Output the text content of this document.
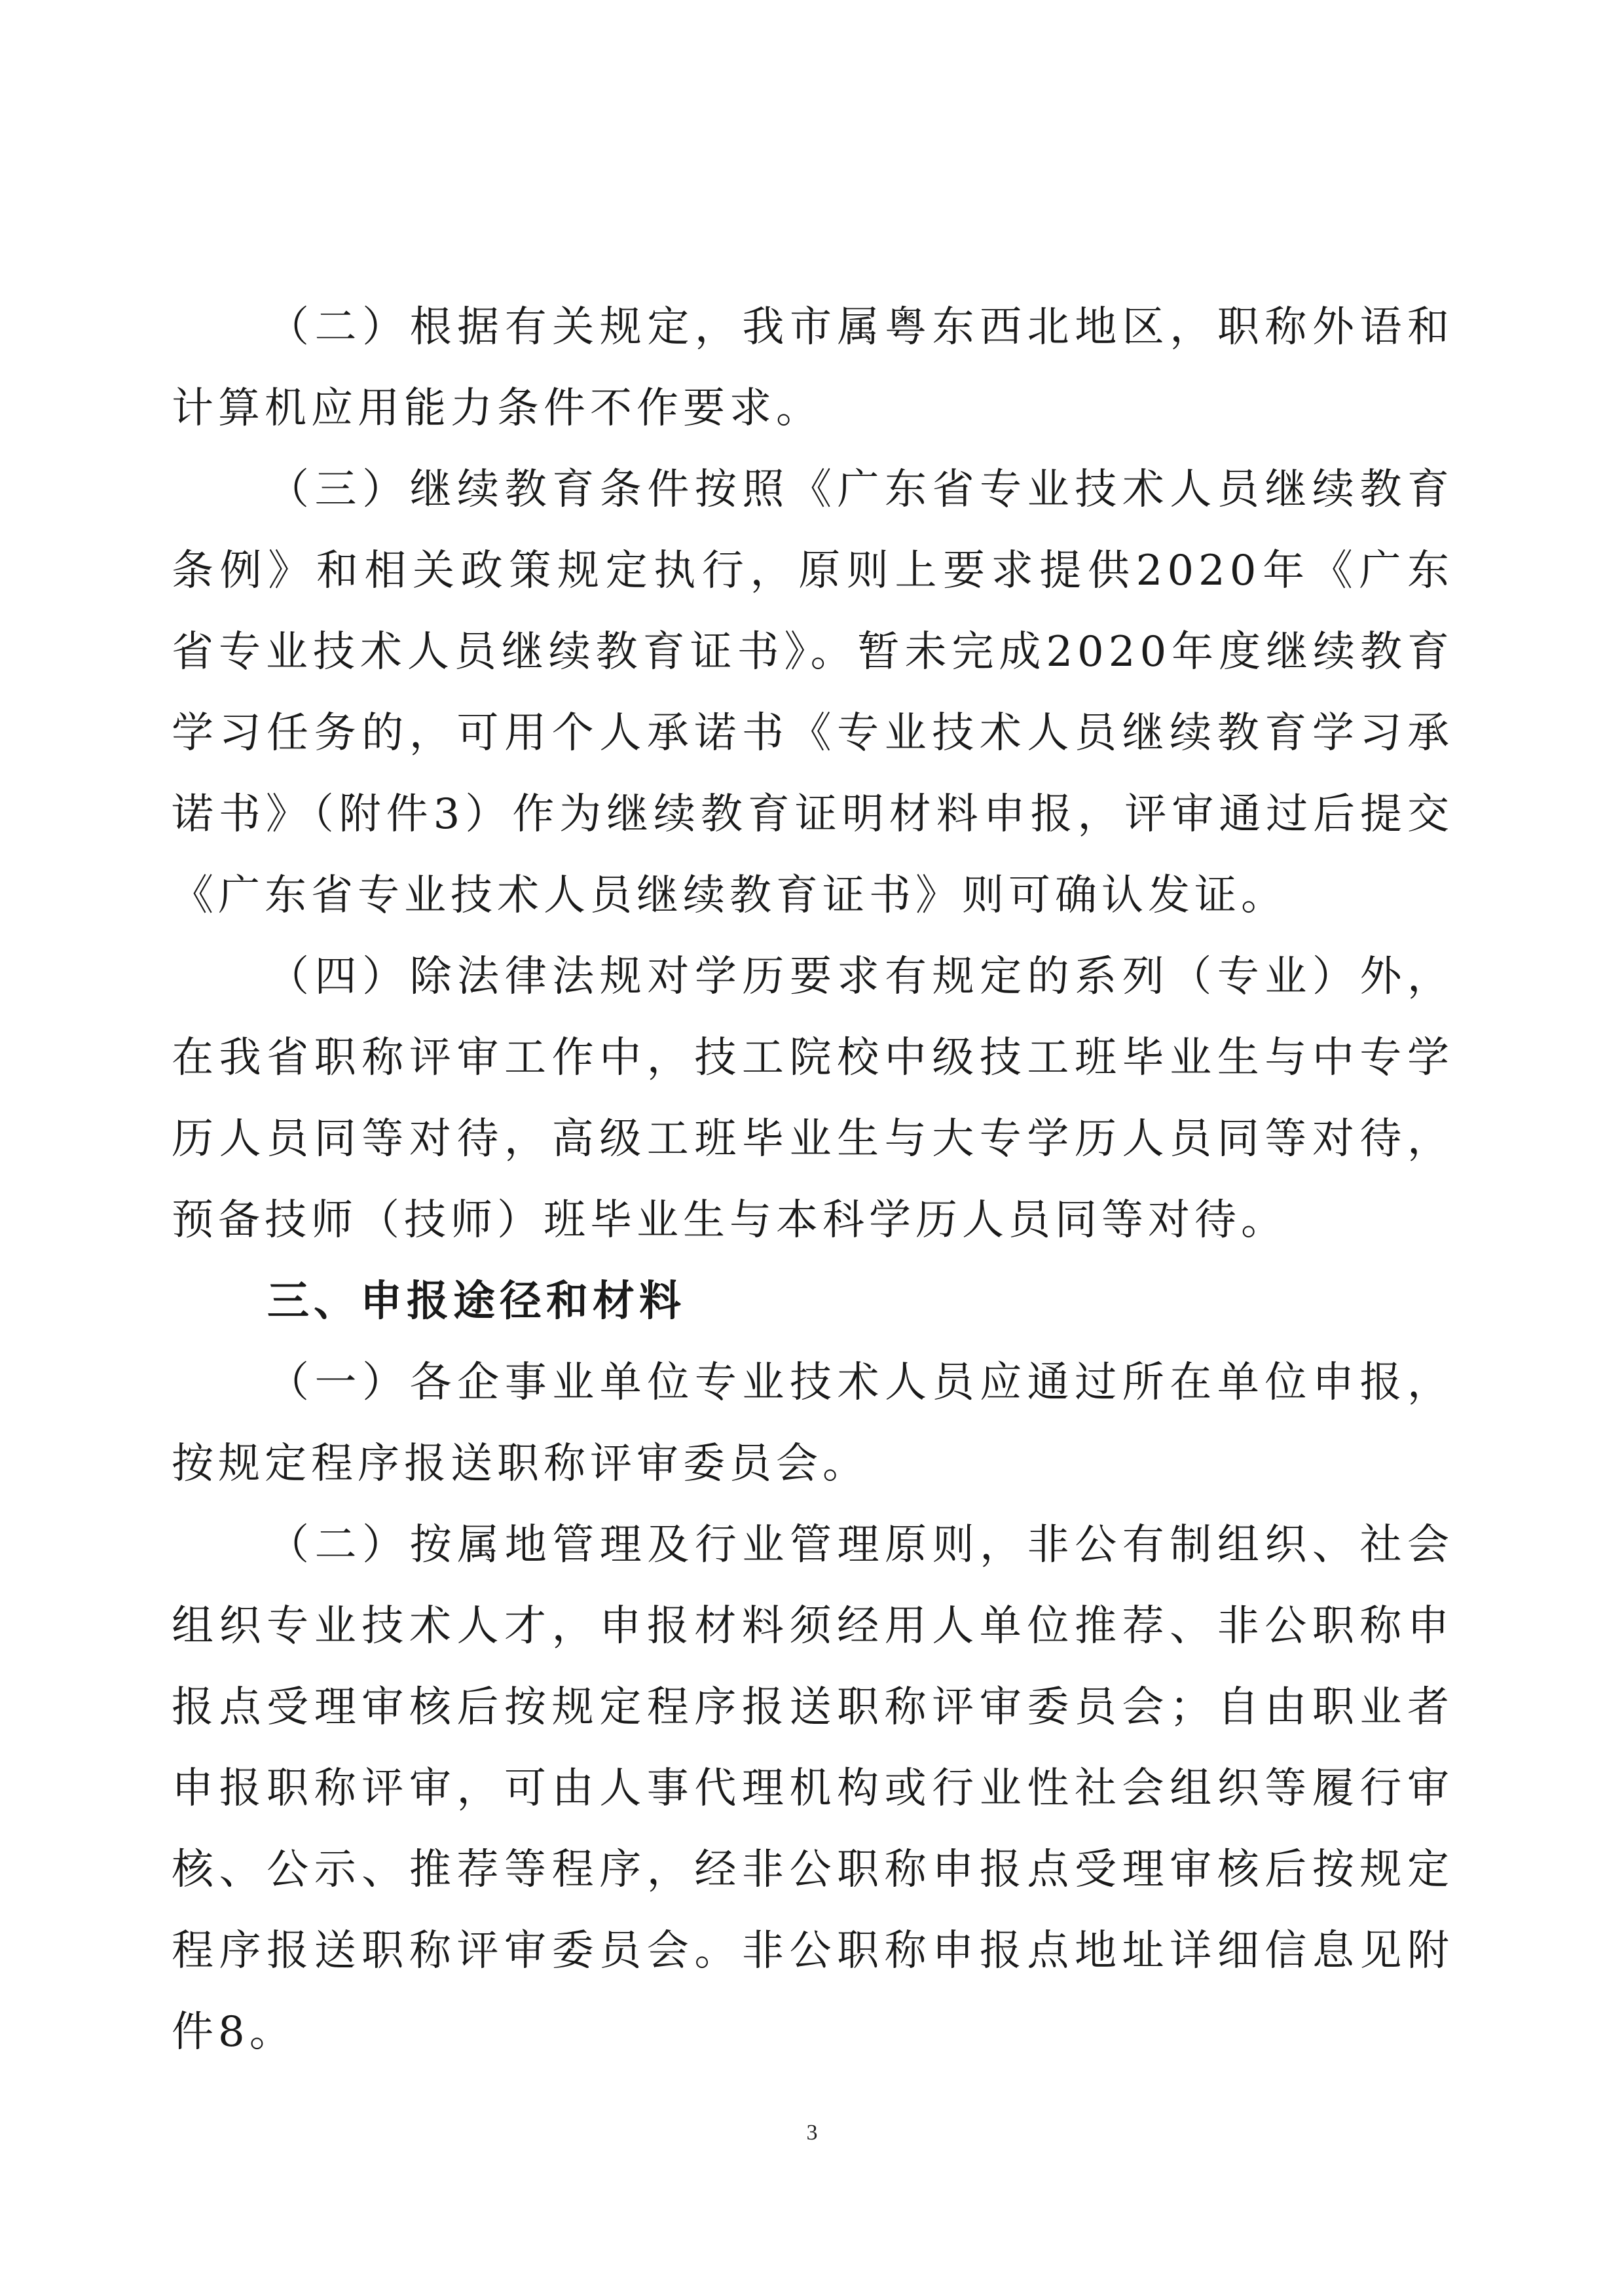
（二）根据有关规定，我市属粤东西北地区，职称外语和计算机应用能力条件不作要求。

（三）继续教育条件按照《广东省专业技术人员继续教育条例》和相关政策规定执行，原则上要求提供2020年《广东省专业技术人员继续教育证书》。暂未完成2020年度继续教育学习任务的，可用个人承诺书《专业技术人员继续教育学习承诺书》（附件3）作为继续教育证明材料申报，评审通过后提交《广东省专业技术人员继续教育证书》则可确认发证。

（四）除法律法规对学历要求有规定的系列（专业）外，在我省职称评审工作中，技工院校中级技工班毕业生与中专学历人员同等对待，高级工班毕业生与大专学历人员同等对待，预备技师（技师）班毕业生与本科学历人员同等对待。

三、申报途径和材料

（一）各企事业单位专业技术人员应通过所在单位申报，按规定程序报送职称评审委员会。

（二）按属地管理及行业管理原则，非公有制组织、社会组织专业技术人才，申报材料须经用人单位推荐、非公职称申报点受理审核后按规定程序报送职称评审委员会；自由职业者申报职称评审，可由人事代理机构或行业性社会组织等履行审核、公示、推荐等程序，经非公职称申报点受理审核后按规定程序报送职称评审委员会。非公职称申报点地址详细信息见附件8。

3
